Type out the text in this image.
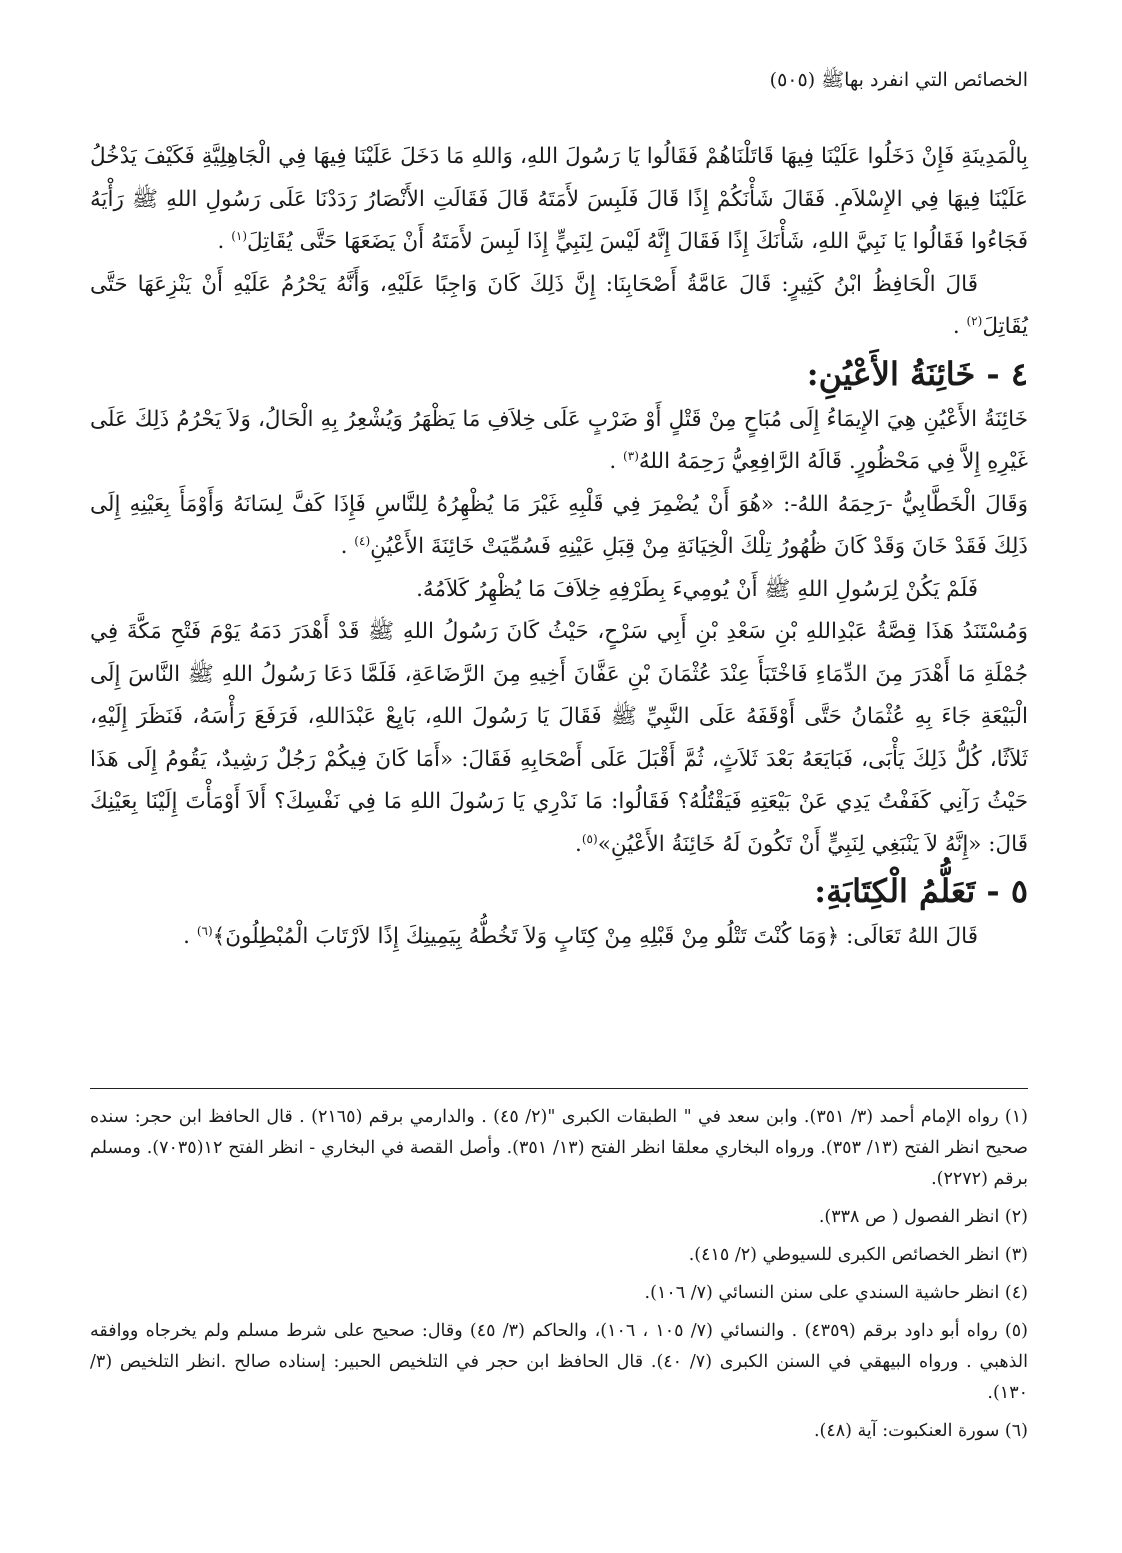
الخصائص التي انفرد بهاﷺ (٥٠٥)

بِالْمَدِينَةِ فَإِنْ دَخَلُوا عَلَيْنَا فِيهَا قَاتَلْنَاهُمْ فَقَالُوا يَا رَسُولَ اللهِ، وَاللهِ مَا دَخَلَ عَلَيْنَا فِيهَا فِي الْجَاهِلِيَّةِ فَكَيْفَ يَدْخُلُ عَلَيْنَا فِيهَا فِي الإِسْلاَمِ. فَقَالَ شَأْنَكُمْ إِذًا قَالَ فَلَبِسَ لأَمَتَهُ قَالَ فَقَالَتِ الأَنْصَارُ رَدَدْنَا عَلَى رَسُولِ اللهِ ﷺ رَأْيَهُ فَجَاءُوا فَقَالُوا يَا نَبِيَّ اللهِ، شَأْنَكَ إِذًا فَقَالَ إِنَّهُ لَيْسَ لِنَبِيٍّ إِذَا لَبِسَ لأَمَتَهُ أَنْ يَضَعَهَا حَتَّى يُقَاتِلَ$^{(١)}$ .

قَالَ الْحَافِظُ ابْنُ كَثِيرٍ: قَالَ عَامَّةُ أَصْحَابِنَا: إِنَّ ذَلِكَ كَانَ وَاجِبًا عَلَيْهِ، وَأَنَّهُ يَحْرُمُ عَلَيْهِ أَنْ يَنْزِعَهَا حَتَّى يُقَاتِلَ$^{(٢)}$ .

٤ - خَائِنَةُ الأَعْيُنِ:

خَائِنَةُ الأَعْيُنِ هِيَ الإِيمَاءُ إِلَى مُبَاحٍ مِنْ قَتْلٍ أَوْ ضَرْبٍ عَلَى خِلاَفِ مَا يَظْهَرُ وَيُشْعِرُ بِهِ الْحَالُ، وَلاَ يَحْرُمُ ذَلِكَ عَلَى غَيْرِهِ إِلاَّ فِي مَحْظُورٍ. قَالَهُ الرَّافِعِيُّ رَحِمَهُ اللهُ$^{(٣)}$ .

وَقَالَ الْخَطَّابِيُّ -رَحِمَهُ اللهُ-: «هُوَ أَنْ يُضْمِرَ فِي قَلْبِهِ غَيْرَ مَا يُظْهِرُهُ لِلنَّاسِ فَإِذَا كَفَّ لِسَانَهُ وَأَوْمَأَ بِعَيْنِهِ إِلَى ذَلِكَ فَقَدْ خَانَ وَقَدْ كَانَ ظُهُورُ تِلْكَ الْخِيَانَةِ مِنْ قِبَلِ عَيْنِهِ فَسُمِّيَتْ خَائِنَةَ الأَعْيُنِ$^{(٤)}$ .

فَلَمْ يَكُنْ لِرَسُولِ اللهِ ﷺ أَنْ يُومِيءَ بِطَرْفِهِ خِلاَفَ مَا يُظْهِرُ كَلاَمُهُ.

وَمُسْتَنَدُ هَذَا قِصَّةُ عَبْدِاللهِ بْنِ سَعْدِ بْنِ أَبِي سَرْحٍ، حَيْثُ كَانَ رَسُولُ اللهِ ﷺ قَدْ أَهْدَرَ دَمَهُ يَوْمَ فَتْحِ مَكَّةَ فِي جُمْلَةِ مَا أَهْدَرَ مِنَ الدِّمَاءِ فَاخْتَبَأَ عِنْدَ عُثْمَانَ بْنِ عَفَّانَ أَخِيهِ مِنَ الرَّضَاعَةِ، فَلَمَّا دَعَا رَسُولُ اللهِ ﷺ النَّاسَ إِلَى الْبَيْعَةِ جَاءَ بِهِ عُثْمَانُ حَتَّى أَوْقَفَهُ عَلَى النَّبِيِّ ﷺ فَقَالَ يَا رَسُولَ اللهِ، بَايِعْ عَبْدَاللهِ، فَرَفَعَ رَأْسَهُ، فَنَظَرَ إِلَيْهِ، ثَلاَثًا، كُلُّ ذَلِكَ يَأْبَى، فَبَايَعَهُ بَعْدَ ثَلاَثٍ، ثُمَّ أَقْبَلَ عَلَى أَصْحَابِهِ فَقَالَ: «أَمَا كَانَ فِيكُمْ رَجُلٌ رَشِيدٌ، يَقُومُ إِلَى هَذَا حَيْثُ رَآنِي كَفَفْتُ يَدِي عَنْ بَيْعَتِهِ فَيَقْتُلُهُ؟ فَقَالُوا: مَا نَدْرِي يَا رَسُولَ اللهِ مَا فِي نَفْسِكَ؟ أَلاَ أَوْمَأْتَ إِلَيْنَا بِعَيْنِكَ قَالَ: «إِنَّهُ لاَ يَنْبَغِي لِنَبِيٍّ أَنْ تَكُونَ لَهُ خَائِنَةُ الأَعْيُنِ»$^{(٥)}$.

٥ - تَعَلُّمُ الْكِتَابَةِ:

قَالَ اللهُ تَعَالَى: ﴿وَمَا كُنْتَ تَتْلُو مِنْ قَبْلِهِ مِنْ كِتَابٍ وَلاَ تَخُطُّهُ بِيَمِينِكَ إِذًا لاَرْتَابَ الْمُبْطِلُونَ﴾$^{(٦)}$ .

(١) رواه الإمام أحمد (٣/ ٣٥١). وابن سعد في " الطبقات الكبرى "(٢/ ٤٥) . والدارمي برقم (٢١٦٥) . قال الحافظ ابن حجر: سنده صحيح انظر الفتح (١٣/ ٣٥٣). ورواه البخاري معلقا انظر الفتح (١٣/ ٣٥١). وأصل القصة في البخاري - انظر الفتح ١٢(٧٠٣٥). ومسلم برقم (٢٢٧٢).

(٢) انظر الفصول ( ص ٣٣٨).

(٣) انظر الخصائص الكبرى للسيوطي (٢/ ٤١٥).

(٤) انظر حاشية السندي على سنن النسائي (٧/ ١٠٦).

(٥) رواه أبو داود برقم (٤٣٥٩) . والنسائي (٧/ ١٠٥ ، ١٠٦)، والحاكم (٣/ ٤٥) وقال: صحيح على شرط مسلم ولم يخرجاه ووافقه الذهبي . ورواه البيهقي في السنن الكبرى (٧/ ٤٠). قال الحافظ ابن حجر في التلخيص الحبير: إسناده صالح .انظر التلخيص (٣/ ١٣٠).

(٦) سورة العنكبوت: آية (٤٨).
